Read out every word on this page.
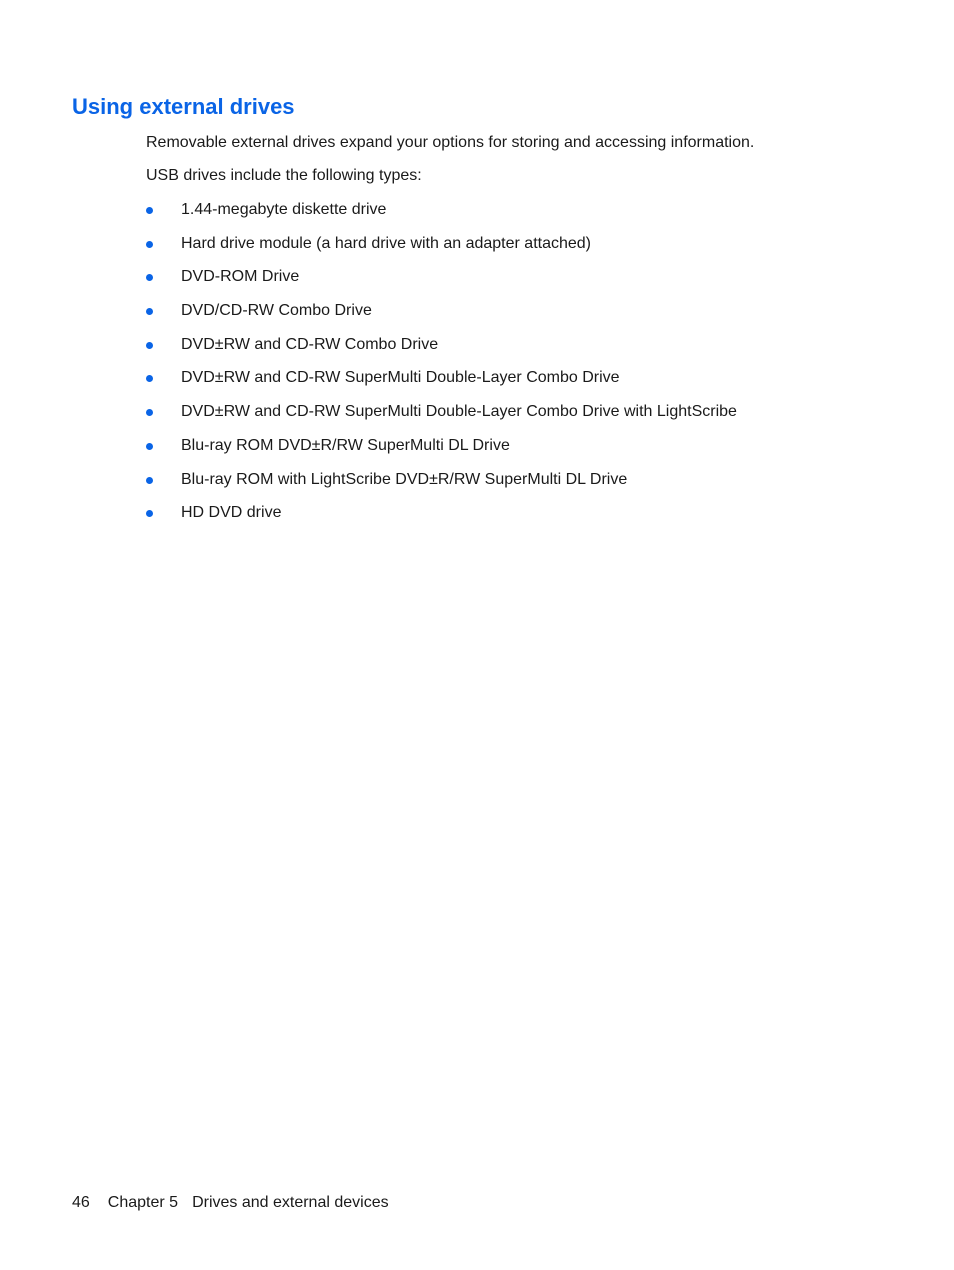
Using external drives

Removable external drives expand your options for storing and accessing information.

USB drives include the following types:

1.44-megabyte diskette drive
Hard drive module (a hard drive with an adapter attached)
DVD-ROM Drive
DVD/CD-RW Combo Drive
DVD±RW and CD-RW Combo Drive
DVD±RW and CD-RW SuperMulti Double-Layer Combo Drive
DVD±RW and CD-RW SuperMulti Double-Layer Combo Drive with LightScribe
Blu-ray ROM DVD±R/RW SuperMulti DL Drive
Blu-ray ROM with LightScribe DVD±R/RW SuperMulti DL Drive
HD DVD drive
46 Chapter 5 Drives and external devices
